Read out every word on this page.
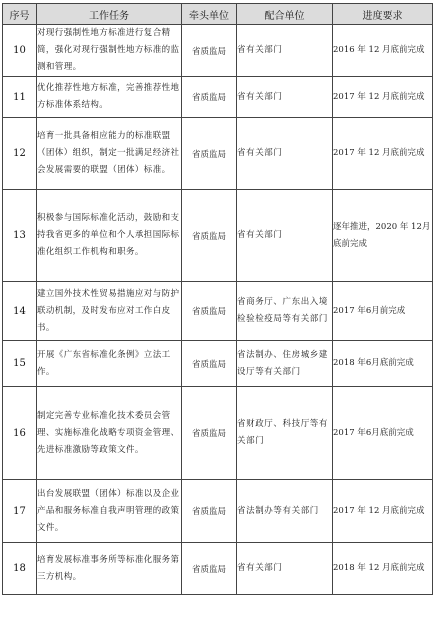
序号	工作任务	牵头单位	配合单位	进度要求
10	对现行强制性地方标准进行复合精简，强化对现行强制性地方标准的监测和管理。	省质监局	省有关部门	2016 年 12 月底前完成
11	优化推荐性地方标准，完善推荐性地方标准体系结构。	省质监局	省有关部门	2017 年 12 月底前完成
12	培育一批具备相应能力的标准联盟（团体）组织，制定一批满足经济社会发展需要的联盟（团体）标准。	省质监局	省有关部门	2017 年 12 月底前完成
13	积极参与国际标准化活动，鼓励和支持我省更多的单位和个人承担国际标准化组织工作机构和职务。	省质监局	省有关部门	逐年推进，2020 年 12月底前完成
14	建立国外技术性贸易措施应对与防护联动机制，及时发布应对工作白皮书。	省质监局	省商务厅、广东出入境检验检疫局等有关部门	2017 年6月前完成
15	开展《广东省标准化条例》立法工作。	省质监局	省法制办、住房城乡建设厅等有关部门	2018 年6月底前完成
16	制定完善专业标准化技术委员会管理、实施标准化战略专项资金管理、先进标准激励等政策文件。	省质监局	省财政厅、科技厅等有关部门	2017 年6月底前完成
17	出台发展联盟（团体）标准以及企业产品和服务标准自我声明管理的政策文件。	省质监局	省法制办等有关部门	2017 年 12 月底前完成
18	培育发展标准事务所等标准化服务第三方机构。	省质监局	省有关部门	2018 年 12 月底前完成
